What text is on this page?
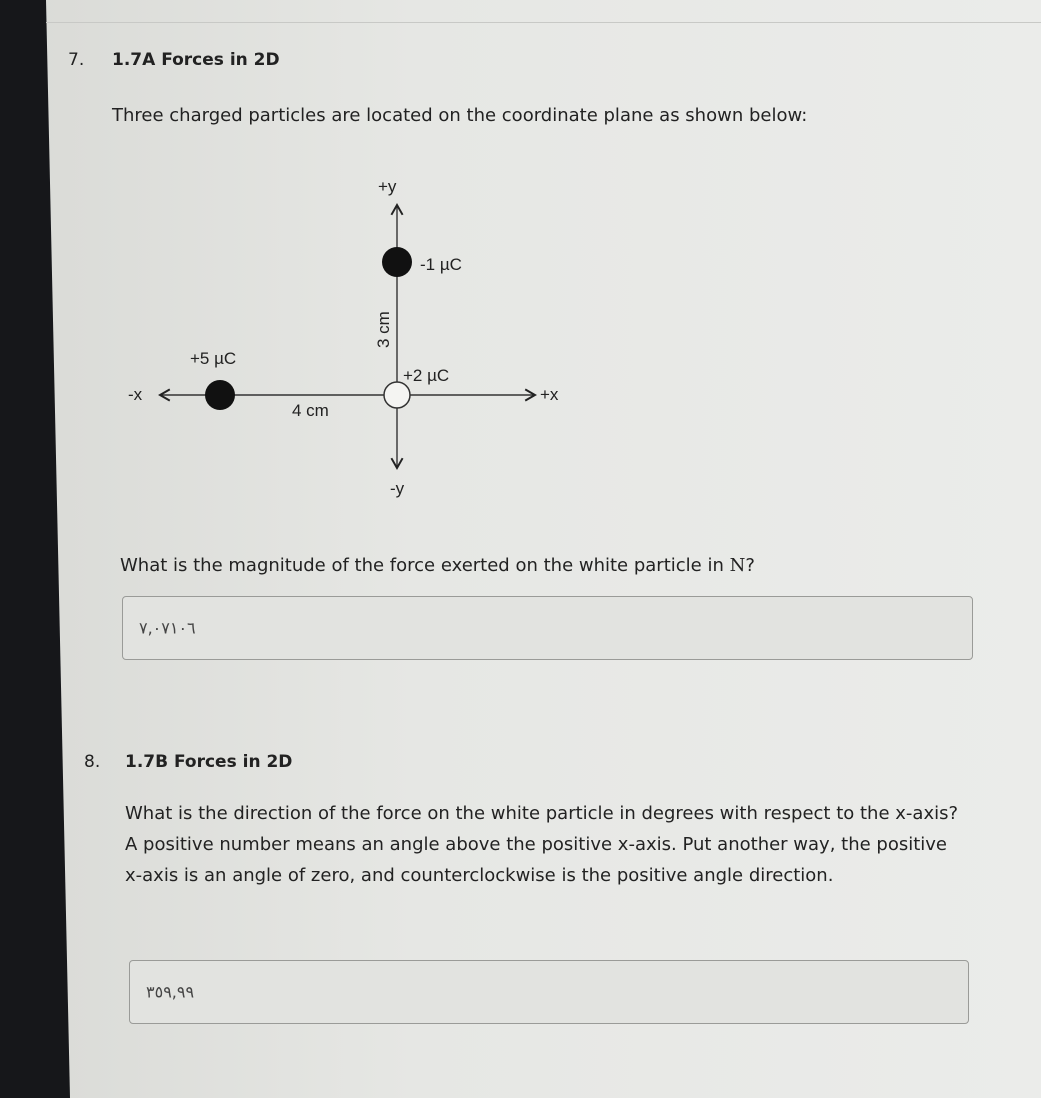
7. 1.7A Forces in 2D
Three charged particles are located on the coordinate plane as shown below:
+y
-y
+x
-x
-1 µC
+5 µC
+2 µC
4 cm
3 cm
What is the magnitude of the force exerted on the white particle in N?
٧,٠٧١٠٦
8. 1.7B Forces in 2D
What is the direction of the force on the white particle in degrees with respect to the x-axis? A positive number means an angle above the positive x-axis. Put another way, the positive x-axis is an angle of zero, and counterclockwise is the positive angle direction.
٣٥٩,٩٩
